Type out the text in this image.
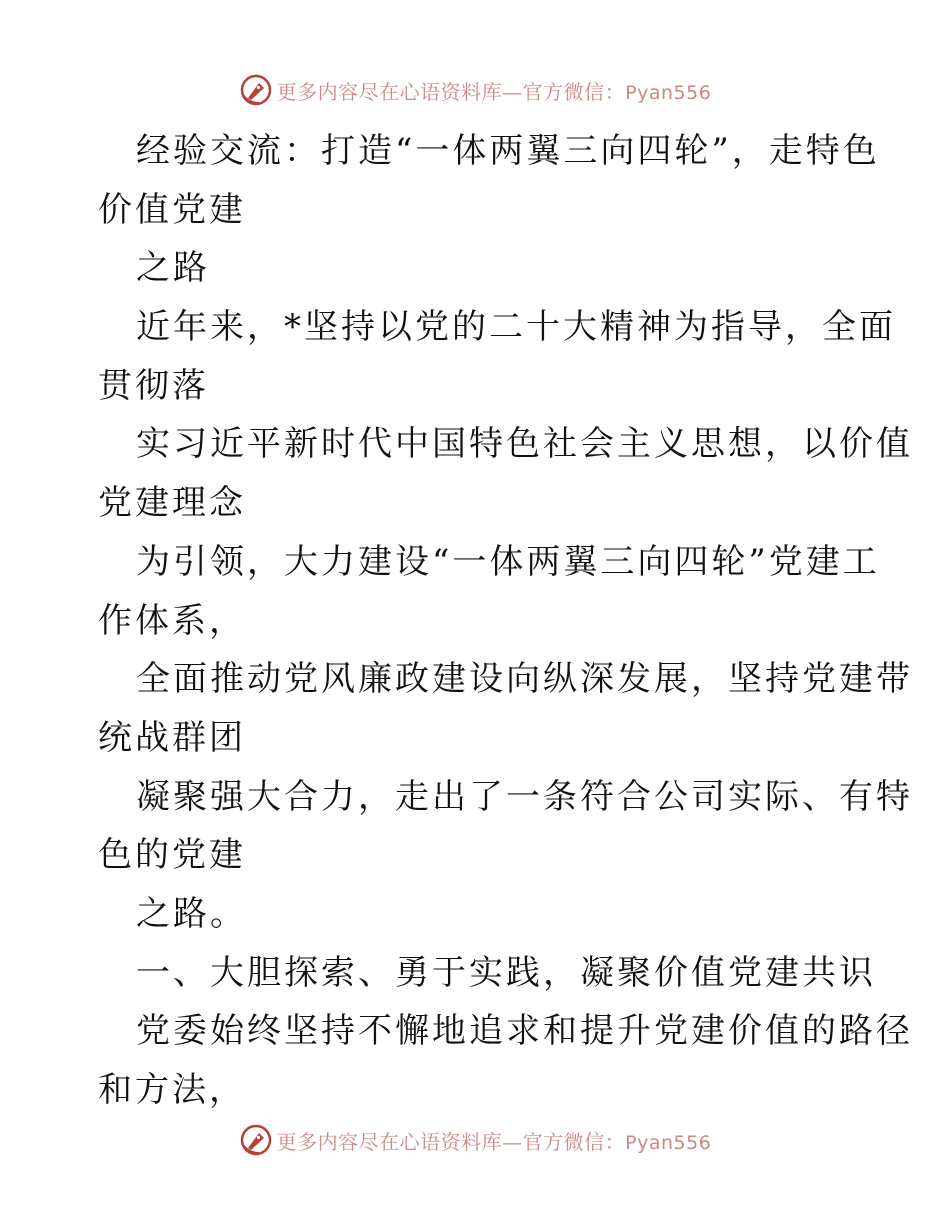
更多内容尽在心语资料库—官方微信：Pyan556
经验交流：打造“一体两翼三向四轮”，走特色
价值党建
之路
近年来，*坚持以党的二十大精神为指导，全面
贯彻落
实习近平新时代中国特色社会主义思想，以价值
党建理念
为引领，大力建设“一体两翼三向四轮”党建工
作体系，
全面推动党风廉政建设向纵深发展，坚持党建带
统战群团
凝聚强大合力，走出了一条符合公司实际、有特
色的党建
之路。
一、大胆探索、勇于实践，凝聚价值党建共识
党委始终坚持不懈地追求和提升党建价值的路径
和方法，
更多内容尽在心语资料库—官方微信：Pyan556
